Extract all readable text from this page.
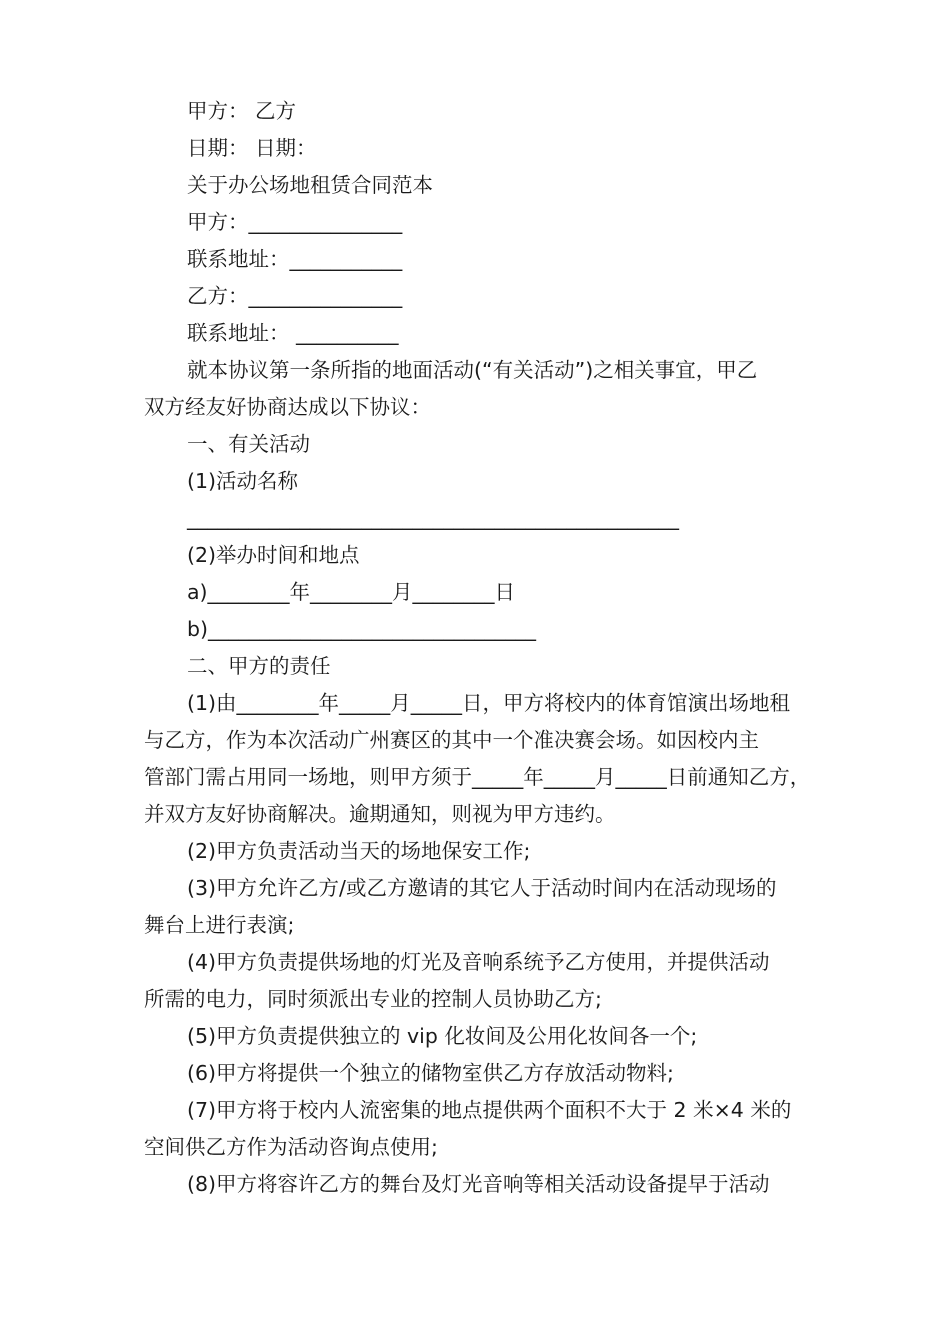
甲方： 乙方
日期： 日期：
关于办公场地租赁合同范本
甲方：_______________
联系地址：___________
乙方：_______________
联系地址： __________
就本协议第一条所指的地面活动(“有关活动”)之相关事宜，甲乙
双方经友好协商达成以下协议：
一、有关活动
(1)活动名称
________________________________________________
(2)举办时间和地点
a)________年________月________日
b)________________________________
二、甲方的责任
(1)由________年_____月_____日，甲方将校内的体育馆演出场地租
与乙方，作为本次活动广州赛区的其中一个准决赛会场。如因校内主
管部门需占用同一场地，则甲方须于_____年_____月_____日前通知乙方，
并双方友好协商解决。逾期通知，则视为甲方违约。
(2)甲方负责活动当天的场地保安工作;
(3)甲方允许乙方/或乙方邀请的其它人于活动时间内在活动现场的
舞台上进行表演;
(4)甲方负责提供场地的灯光及音响系统予乙方使用，并提供活动
所需的电力，同时须派出专业的控制人员协助乙方;
(5)甲方负责提供独立的 vip 化妆间及公用化妆间各一个;
(6)甲方将提供一个独立的储物室供乙方存放活动物料;
(7)甲方将于校内人流密集的地点提供两个面积不大于 2 米×4 米的
空间供乙方作为活动咨询点使用;
(8)甲方将容许乙方的舞台及灯光音响等相关活动设备提早于活动
